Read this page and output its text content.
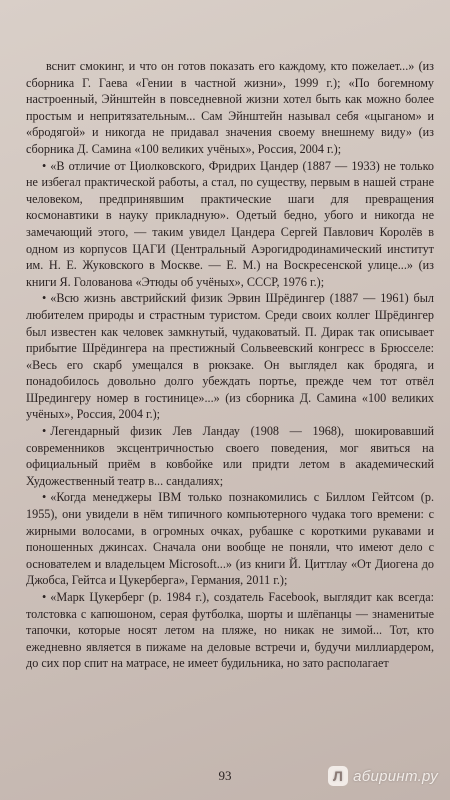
вснит смокинг, и что он готов показать его каждому, кто пожелает...» (из сборника Г. Гаева «Гении в частной жизни», 1999 г.); «По богемному настроенный, Эйнштейн в повседневной жизни хотел быть как можно более простым и непритязательным... Сам Эйнштейн называл себя «цыганом» и «бродягой» и никогда не придавал значения своему внешнему виду» (из сборника Д. Самина «100 великих учёных», Россия, 2004 г.);

• «В отличие от Циолковского, Фридрих Цандер (1887 — 1933) не только не избегал практической работы, а стал, по существу, первым в нашей стране человеком, предпринявшим практические шаги для превращения космонавтики в науку прикладную». Одетый бедно, убого и никогда не замечающий этого, — таким увидел Цандера Сергей Павлович Королёв в одном из корпусов ЦАГИ (Центральный Аэрогидродинамический институт им. Н. Е. Жуковского в Москве. — Е. М.) на Воскресенской улице...» (из книги Я. Голованова «Этюды об учёных», СССР, 1976 г.);

• «Всю жизнь австрийский физик Эрвин Шрёдингер (1887 — 1961) был любителем природы и страстным туристом. Среди своих коллег Шрёдингер был известен как человек замкнутый, чудаковатый. П. Дирак так описывает прибытие Шрёдингера на престижный Сольвеевский конгресс в Брюсселе: «Весь его скарб умещался в рюкзаке. Он выглядел как бродяга, и понадобилось довольно долго убеждать портье, прежде чем тот отвёл Шредингеру номер в гостинице»...» (из сборника Д. Самина «100 великих учёных», Россия, 2004 г.);

• Легендарный физик Лев Ландау (1908 — 1968), шокировавший современников эксцентричностью своего поведения, мог явиться на официальный приём в ковбойке или придти летом в академический Художественный театр в... сандалиях;

• «Когда менеджеры IBM только познакомились с Биллом Гейтсом (р. 1955), они увидели в нём типичного компьютерного чудака того времени: с жирными волосами, в огромных очках, рубашке с короткими рукавами и поношенных джинсах. Сначала они вообще не поняли, что имеют дело с основателем и владельцем Microsoft...» (из книги Й. Циттлау «От Диогена до Джобса, Гейтса и Цукерберга», Германия, 2011 г.);

• «Марк Цукерберг (р. 1984 г.), создатель Facebook, выглядит как всегда: толстовка с капюшоном, серая футболка, шорты и шлёпанцы — знаменитые тапочки, которые носят летом на пляже, но никак не зимой... Тот, кто ежедневно является в пижаме на деловые встречи и, будучи миллиардером, до сих пор спит на матрасе, не имеет будильника, но зато располагает

93	Л абиринт.ру
